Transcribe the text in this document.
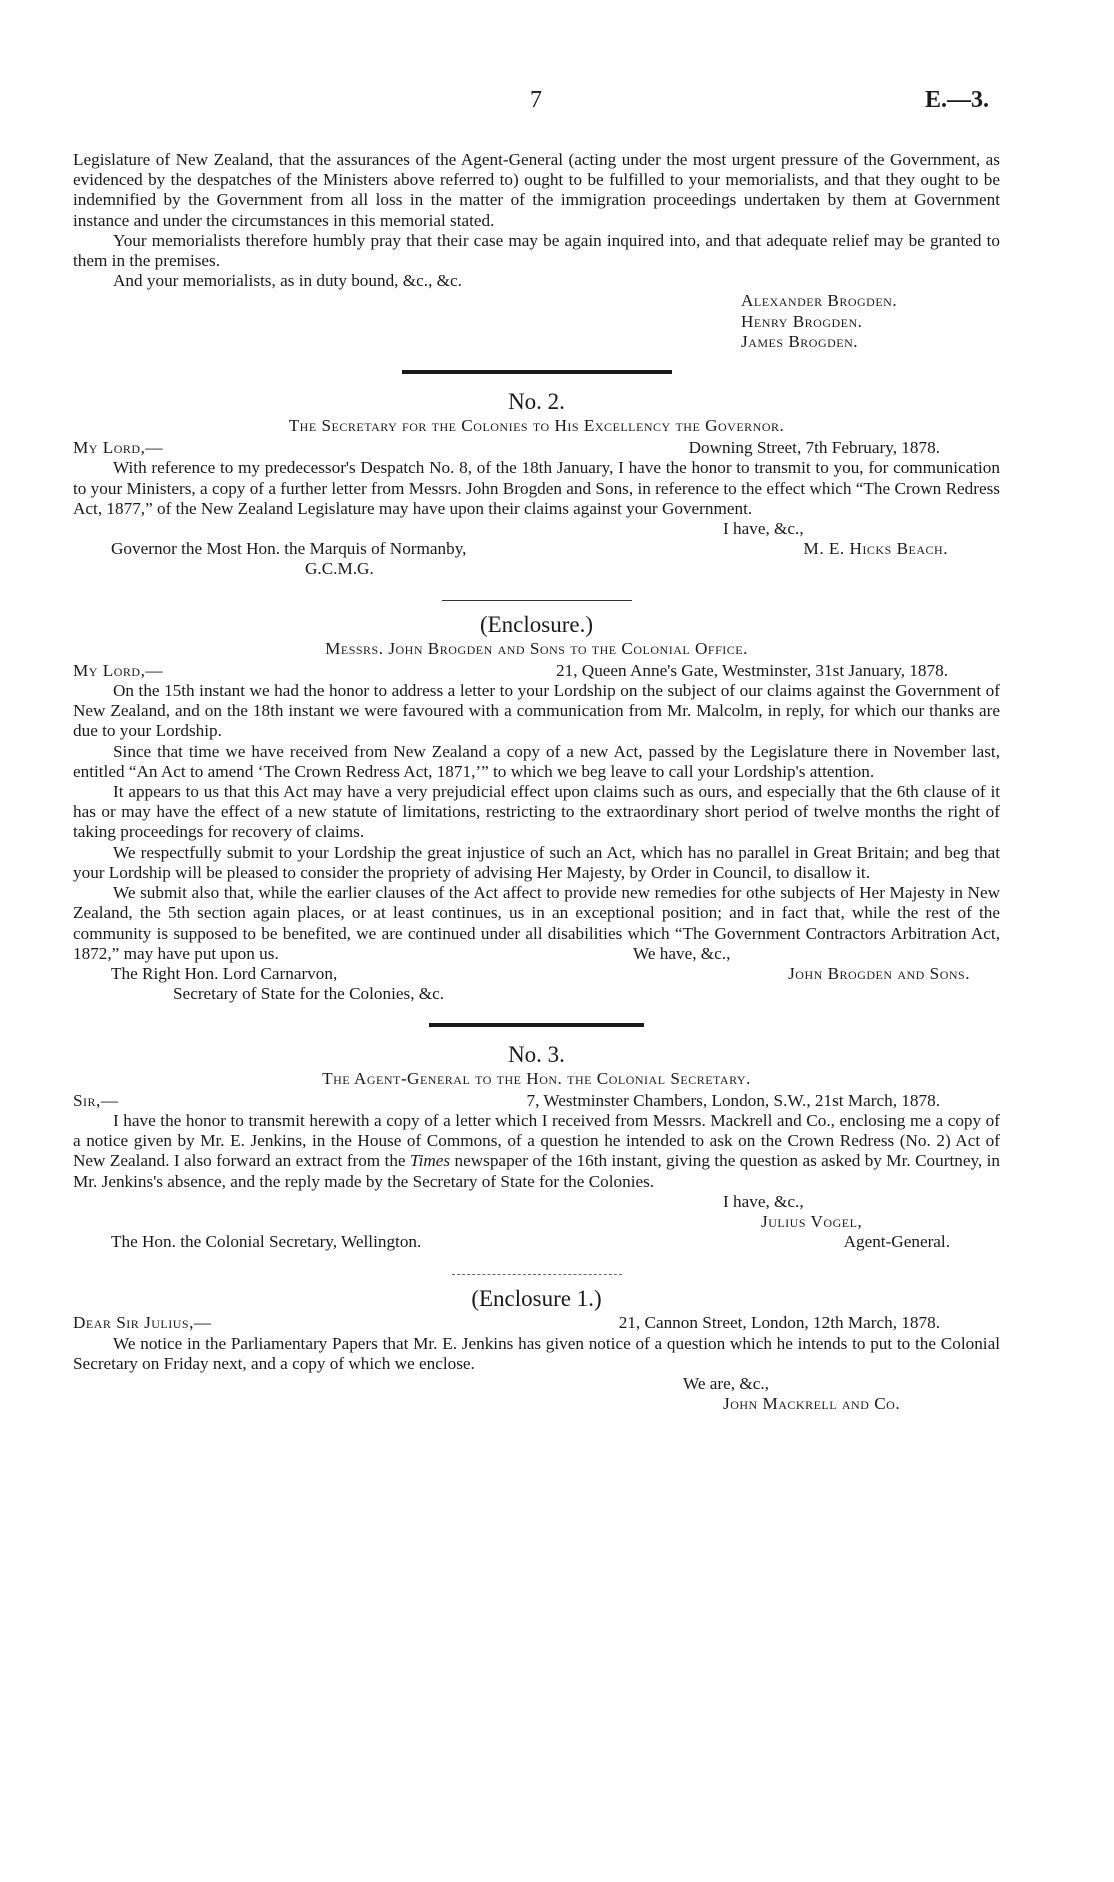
7	E.—3.

Legislature of New Zealand, that the assurances of the Agent-General (acting under the most urgent pressure of the Government, as evidenced by the despatches of the Ministers above referred to) ought to be fulfilled to your memorialists, and that they ought to be indemnified by the Government from all loss in the matter of the immigration proceedings undertaken by them at Government instance and under the circumstances in this memorial stated.

Your memorialists therefore humbly pray that their case may be again inquired into, and that adequate relief may be granted to them in the premises.

And your memorialists, as in duty bound, &c., &c.

Alexander Brogden.
Henry Brogden.
James Brogden.
No. 2.
The Secretary for the Colonies to His Excellency the Governor.
My Lord,—	Downing Street, 7th February, 1878.

With reference to my predecessor's Despatch No. 8, of the 18th January, I have the honor to transmit to you, for communication to your Ministers, a copy of a further letter from Messrs. John Brogden and Sons, in reference to the effect which “The Crown Redress Act, 1877,” of the New Zealand Legislature may have upon their claims against your Government.

I have, &c.,
Governor the Most Hon. the Marquis of Normanby,	M. E. Hicks Beach.
G.C.M.G.
(Enclosure.)
Messrs. John Brogden and Sons to the Colonial Office.
My Lord,—	21, Queen Anne's Gate, Westminster, 31st January, 1878.

On the 15th instant we had the honor to address a letter to your Lordship on the subject of our claims against the Government of New Zealand, and on the 18th instant we were favoured with a communication from Mr. Malcolm, in reply, for which our thanks are due to your Lordship.

Since that time we have received from New Zealand a copy of a new Act, passed by the Legislature there in November last, entitled “An Act to amend ‘The Crown Redress Act, 1871,’” to which we beg leave to call your Lordship's attention.

It appears to us that this Act may have a very prejudicial effect upon claims such as ours, and especially that the 6th clause of it has or may have the effect of a new statute of limitations, restricting to the extraordinary short period of twelve months the right of taking proceedings for recovery of claims.

We respectfully submit to your Lordship the great injustice of such an Act, which has no parallel in Great Britain; and beg that your Lordship will be pleased to consider the propriety of advising Her Majesty, by Order in Council, to disallow it.

We submit also that, while the earlier clauses of the Act affect to provide new remedies for othe subjects of Her Majesty in New Zealand, the 5th section again places, or at least continues, us in an exceptional position; and in fact that, while the rest of the community is supposed to be benefited, we are continued under all disabilities which “The Government Contractors Arbitration Act, 1872,” may have put upon us.	We have, &c.,
The Right Hon. Lord Carnarvon,	John Brogden and Sons.
Secretary of State for the Colonies, &c.
No. 3.
The Agent-General to the Hon. the Colonial Secretary.
Sir,—	7, Westminster Chambers, London, S.W., 21st March, 1878.

I have the honor to transmit herewith a copy of a letter which I received from Messrs. Mackrell and Co., enclosing me a copy of a notice given by Mr. E. Jenkins, in the House of Commons, of a question he intended to ask on the Crown Redress (No. 2) Act of New Zealand. I also forward an extract from the Times newspaper of the 16th instant, giving the question as asked by Mr. Courtney, in Mr. Jenkins's absence, and the reply made by the Secretary of State for the Colonies.

I have, &c.,
Julius Vogel,
The Hon. the Colonial Secretary, Wellington.	Agent-General.
(Enclosure 1.)
Dear Sir Julius,—	21, Cannon Street, London, 12th March, 1878.

We notice in the Parliamentary Papers that Mr. E. Jenkins has given notice of a question which he intends to put to the Colonial Secretary on Friday next, and a copy of which we enclose.

We are, &c.,
John Mackrell and Co.
